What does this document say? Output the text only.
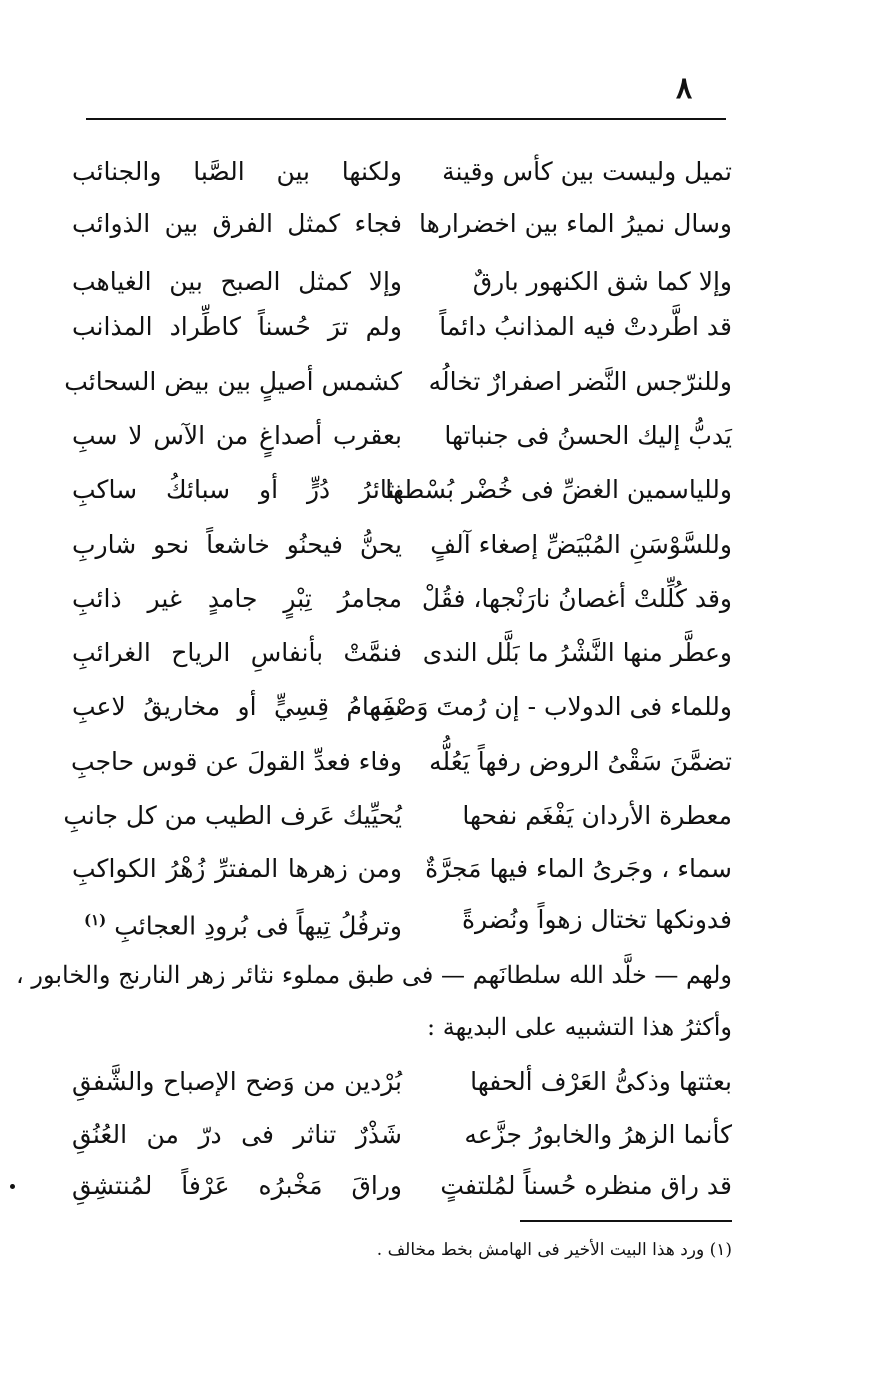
٨
تميل وليست بين كأس وقينة
ولكنها بين الصَّبا والجنائب
وسال نميرُ الماء بين اخضرارها
فجاء كمثل الفرق بين الذوائب
وإلا كما شق الكنهور بارقٌ
وإلا كمثل الصبح بين الغياهب
قد اطَّردتْ فيه المذانبُ دائماً
ولم ترَ حُسناً كاطِّراد المذانب
وللنرّجس النَّضر اصفرارٌ تخالُه
كشمس أصيلٍ بين بيض السحائب
يَدبُّ إليك الحسنُ فى جنباتها
بعقرب أصداغٍ من الآس لا سبِ
وللياسمين الغضِّ فى خُضْر بُسْطها
نثائرُ دُرٍّ أو سبائكُ ساكبِ
وللسَّوْسَنِ المُبْيَضِّ إصغاء آلفٍ
يحنُّ فيحنُو خاشعاً نحو شاربِ
وقد كُلِّلتْ أغصانُ نارَنْجها، فقُلْ
مجامرُ تِبْرٍ جامدٍ غير ذائبِ
وعطَّر منها النَّشْرُ ما بَلَّل الندى
فنمَّتْ بأنفاسِ الرياح الغرائبِ
وللماء فى الدولاب - إن رُمتَ وَصْفَه -
سِهامُ قِسِيٍّ أو مخاريقُ لاعبِ
تضمَّنَ سَقْىُ الروض رفهاً يَعُلُّه
وفاء فعدِّ القولَ عن قوس حاجبِ
معطرة الأردان يَفْغَم نفحها
يُحيِّيك عَرف الطيب من كل جانبِ
سماء ، وجَرىُ الماء فيها مَجرَّةٌ
ومن زهرها المفترِّ زُهْرُ الكواكبِ
فدونكها تختال زهواً ونُضرةً
وترفُلُ تِيهاً فى بُرودِ العجائبِ $^{(١)}$
ولهم — خلَّد الله سلطانَهم — فى طبق مملوء نثائر زهر النارنج والخابور ،
وأكثرُ هذا التشبيه على البديهة :
بعثتها وذكىُّ العَرْف ألحفها
بُرْدين من وَضح الإصباح والشَّفقِ
كأنما الزهرُ والخابورُ جزَّعه
شَذْرٌ تناثر فى درّ من العُنُقِ
قد راق منظره حُسناً لمُلتفتٍ
وراقَ مَخْبرُه عَرْفاً لمُنتشِقِ
(١) ورد هذا البيت الأخير فى الهامش بخط مخالف .
